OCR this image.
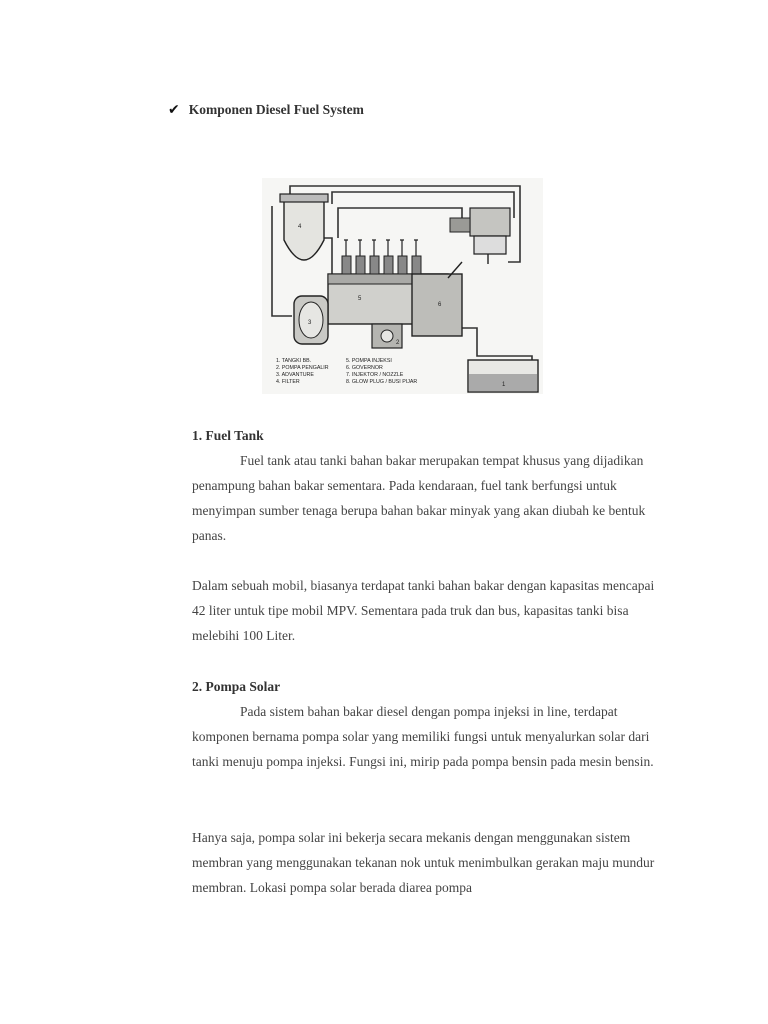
✔ Komponen Diesel Fuel System
4
5
6
3
2
1
1. TANGKI BB.
2. POMPA PENGALIR
3. ADVANTURE
4. FILTER
5. POMPA INJEKSI
6. GOVERNOR
7. INJEKTOR / NOZZLE
8. GLOW PLUG / BUSI PIJAR
1. Fuel Tank
Fuel tank atau tanki bahan bakar merupakan tempat khusus yang dijadikan penampung bahan bakar sementara. Pada kendaraan, fuel tank berfungsi untuk menyimpan sumber tenaga berupa bahan bakar minyak yang akan diubah ke bentuk panas.
Dalam sebuah mobil, biasanya terdapat tanki bahan bakar dengan kapasitas mencapai 42 liter untuk tipe mobil MPV. Sementara pada truk dan bus, kapasitas tanki bisa melebihi 100 Liter.
2. Pompa Solar
Pada sistem bahan bakar diesel dengan pompa injeksi in line, terdapat komponen bernama pompa solar yang memiliki fungsi untuk menyalurkan solar dari tanki menuju pompa injeksi. Fungsi ini, mirip pada pompa bensin pada mesin bensin.
Hanya saja, pompa solar ini bekerja secara mekanis dengan menggunakan sistem membran yang menggunakan tekanan nok untuk menimbulkan gerakan maju mundur membran. Lokasi pompa solar berada diarea pompa
